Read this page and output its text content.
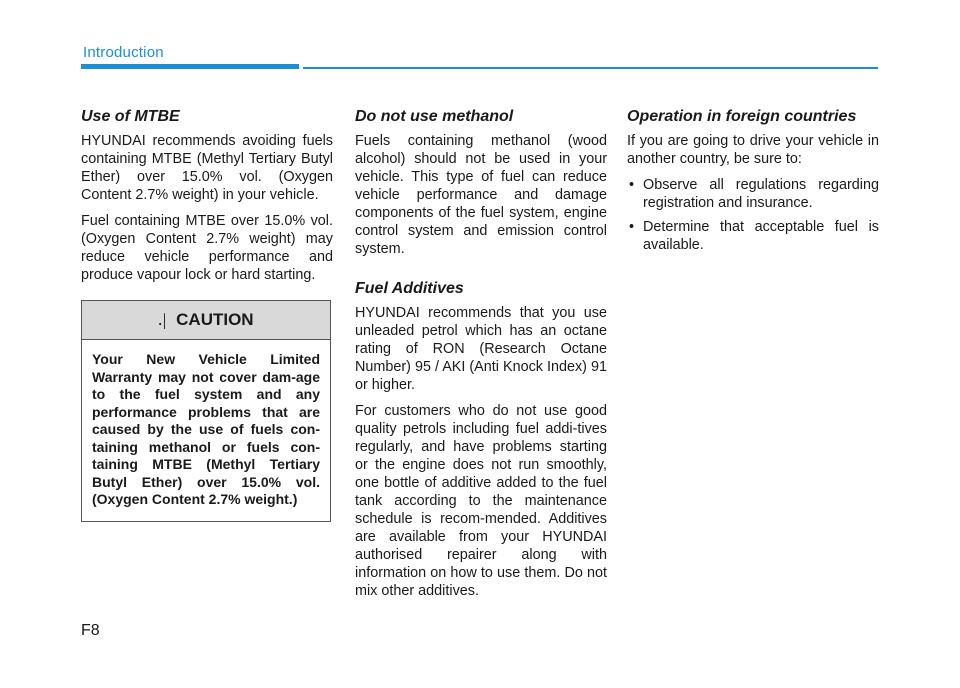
Introduction
Use of MTBE

HYUNDAI recommends avoiding fuels containing MTBE (Methyl Tertiary Butyl Ether) over 15.0% vol. (Oxygen Content 2.7% weight) in your vehicle.

Fuel containing MTBE over 15.0% vol. (Oxygen Content 2.7% weight) may reduce vehicle performance and produce vapour lock or hard starting.

.│ CAUTION
Your New Vehicle Limited Warranty may not cover dam-age to the fuel system and any performance problems that are caused by the use of fuels con-taining methanol or fuels con-taining MTBE (Methyl Tertiary Butyl Ether) over 15.0% vol. (Oxygen Content 2.7% weight.)
Do not use methanol

Fuels containing methanol (wood alcohol) should not be used in your vehicle. This type of fuel can reduce vehicle performance and damage components of the fuel system, engine control system and emission control system.

Fuel Additives

HYUNDAI recommends that you use unleaded petrol which has an octane rating of RON (Research Octane Number) 95 / AKI (Anti Knock Index) 91 or higher.

For customers who do not use good quality petrols including fuel addi-tives regularly, and have problems starting or the engine does not run smoothly, one bottle of additive added to the fuel tank according to the maintenance schedule is recom-mended. Additives are available from your HYUNDAI authorised repairer along with information on how to use them. Do not mix other additives.

Operation in foreign countries

If you are going to drive your vehicle in another country, be sure to:

• Observe all regulations regarding registration and insurance.
• Determine that acceptable fuel is available.
F8
